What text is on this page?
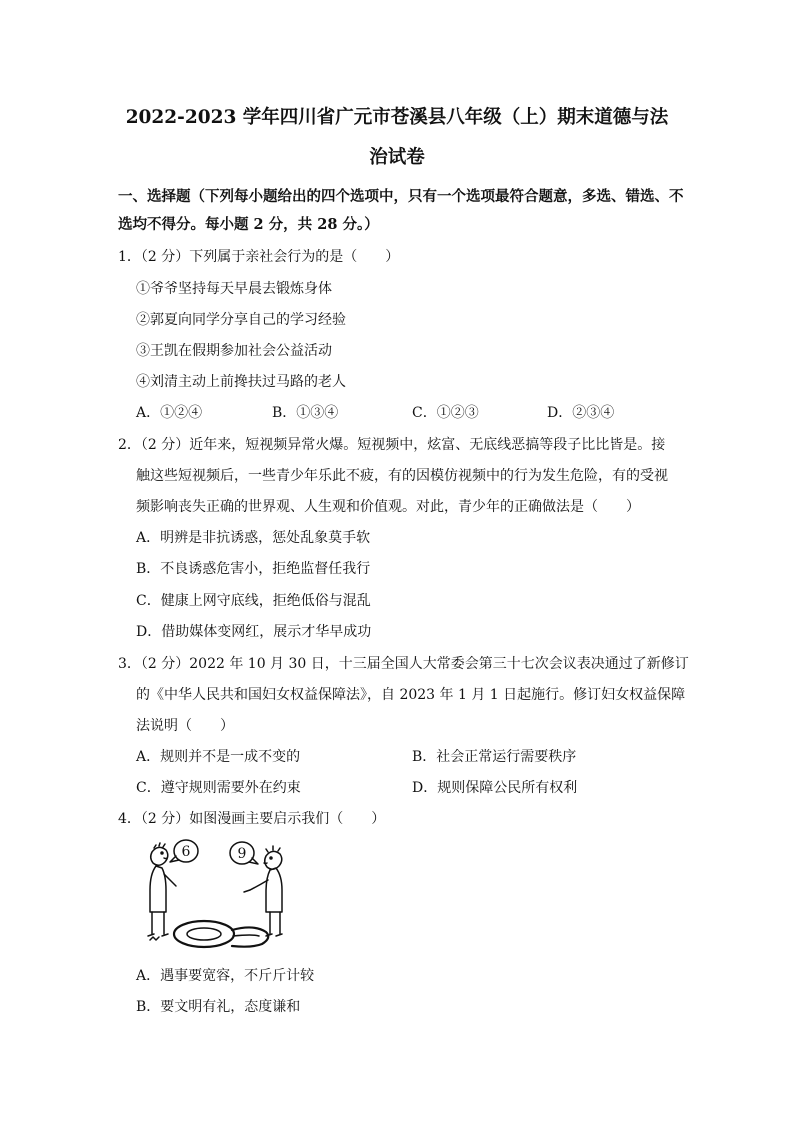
2022-2023 学年四川省广元市苍溪县八年级（上）期末道德与法
治试卷
一、选择题（下列每小题给出的四个选项中，只有一个选项最符合题意，多选、错选、不
选均不得分。每小题 2 分，共 28 分。）
1．（2 分）下列属于亲社会行为的是（　　）
①爷爷坚持每天早晨去锻炼身体
②郭夏向同学分享自己的学习经验
③王凯在假期参加社会公益活动
④刘清主动上前搀扶过马路的老人
A．①②④	B．①③④	C．①②③	D．②③④
2．（2 分）近年来，短视频异常火爆。短视频中，炫富、无底线恶搞等段子比比皆是。接
触这些短视频后，一些青少年乐此不疲，有的因模仿视频中的行为发生危险，有的受视
频影响丧失正确的世界观、人生观和价值观。对此，青少年的正确做法是（　　）
A．明辨是非抗诱惑，惩处乱象莫手软
B．不良诱惑危害小，拒绝监督任我行
C．健康上网守底线，拒绝低俗与混乱
D．借助媒体变网红，展示才华早成功
3．（2 分）2022 年 10 月 30 日，十三届全国人大常委会第三十七次会议表决通过了新修订
的《中华人民共和国妇女权益保障法》，自 2023 年 1 月 1 日起施行。修订妇女权益保障
法说明（　　）
A．规则并不是一成不变的	B．社会正常运行需要秩序
C．遵守规则需要外在约束	D．规则保障公民所有权利
4．（2 分）如图漫画主要启示我们（　　）
6	9
6
A．遇事要宽容，不斤斤计较
B．要文明有礼，态度谦和
